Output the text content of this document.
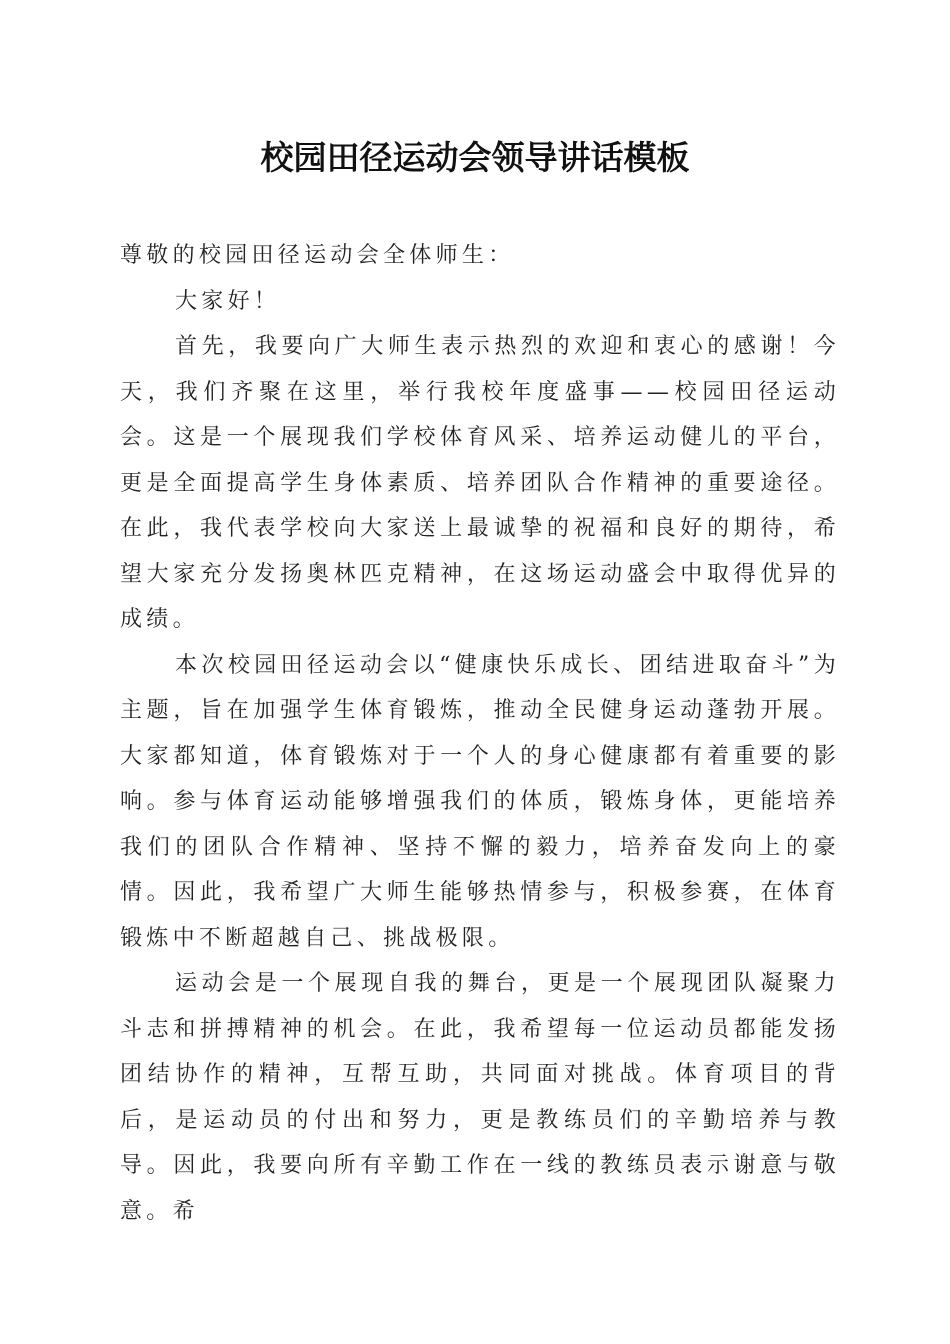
校园田径运动会领导讲话模板

尊敬的校园田径运动会全体师生：

大家好！

首先，我要向广大师生表示热烈的欢迎和衷心的感谢！今天，我们齐聚在这里，举行我校年度盛事——校园田径运动会。这是一个展现我们学校体育风采、培养运动健儿的平台，更是全面提高学生身体素质、培养团队合作精神的重要途径。在此，我代表学校向大家送上最诚挚的祝福和良好的期待，希望大家充分发扬奥林匹克精神，在这场运动盛会中取得优异的成绩。

本次校园田径运动会以“健康快乐成长、团结进取奋斗”为主题，旨在加强学生体育锻炼，推动全民健身运动蓬勃开展。大家都知道，体育锻炼对于一个人的身心健康都有着重要的影响。参与体育运动能够增强我们的体质，锻炼身体，更能培养我们的团队合作精神、坚持不懈的毅力，培养奋发向上的豪情。因此，我希望广大师生能够热情参与，积极参赛，在体育锻炼中不断超越自己、挑战极限。

运动会是一个展现自我的舞台，更是一个展现团队凝聚力斗志和拼搏精神的机会。在此，我希望每一位运动员都能发扬团结协作的精神，互帮互助，共同面对挑战。体育项目的背后，是运动员的付出和努力，更是教练员们的辛勤培养与教导。因此，我要向所有辛勤工作在一线的教练员表示谢意与敬意。希
